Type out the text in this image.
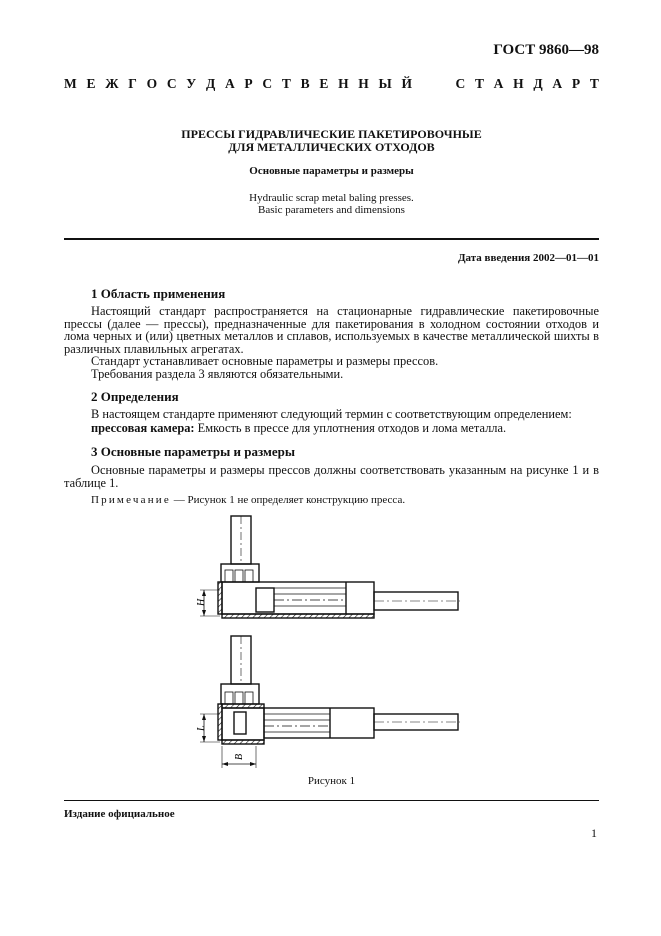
ГОСТ 9860—98
М Е Ж Г О С У Д А Р С Т В Е Н Н Ы Й	С Т А Н Д А Р Т
ПРЕССЫ ГИДРАВЛИЧЕСКИЕ ПАКЕТИРОВОЧНЫЕ
ДЛЯ МЕТАЛЛИЧЕСКИХ ОТХОДОВ
Основные параметры и размеры
Hydraulic scrap metal baling presses.
Basic parameters and dimensions
Дата введения 2002—01—01
1 Область применения

Настоящий стандарт распространяется на стационарные гидравлические пакетировочные прессы (далее — прессы), предназначенные для пакетирования в холодном состоянии отходов и лома черных и (или) цветных металлов и сплавов, используемых в качестве металлической шихты в различных плавильных агрегатах.

Стандарт устанавливает основные параметры и размеры прессов.

Требования раздела 3 являются обязательными.

2 Определения

В настоящем стандарте применяют следующий термин с соответствующим определением:

прессовая камера: Емкость в прессе для уплотнения отходов и лома металла.

3 Основные параметры и размеры

Основные параметры и размеры прессов должны соответствовать указанным на рисунке 1 и в таблице 1.

Примечание — Рисунок 1 не определяет конструкцию пресса.
H
L
B
Рисунок 1
Издание официальное
1
